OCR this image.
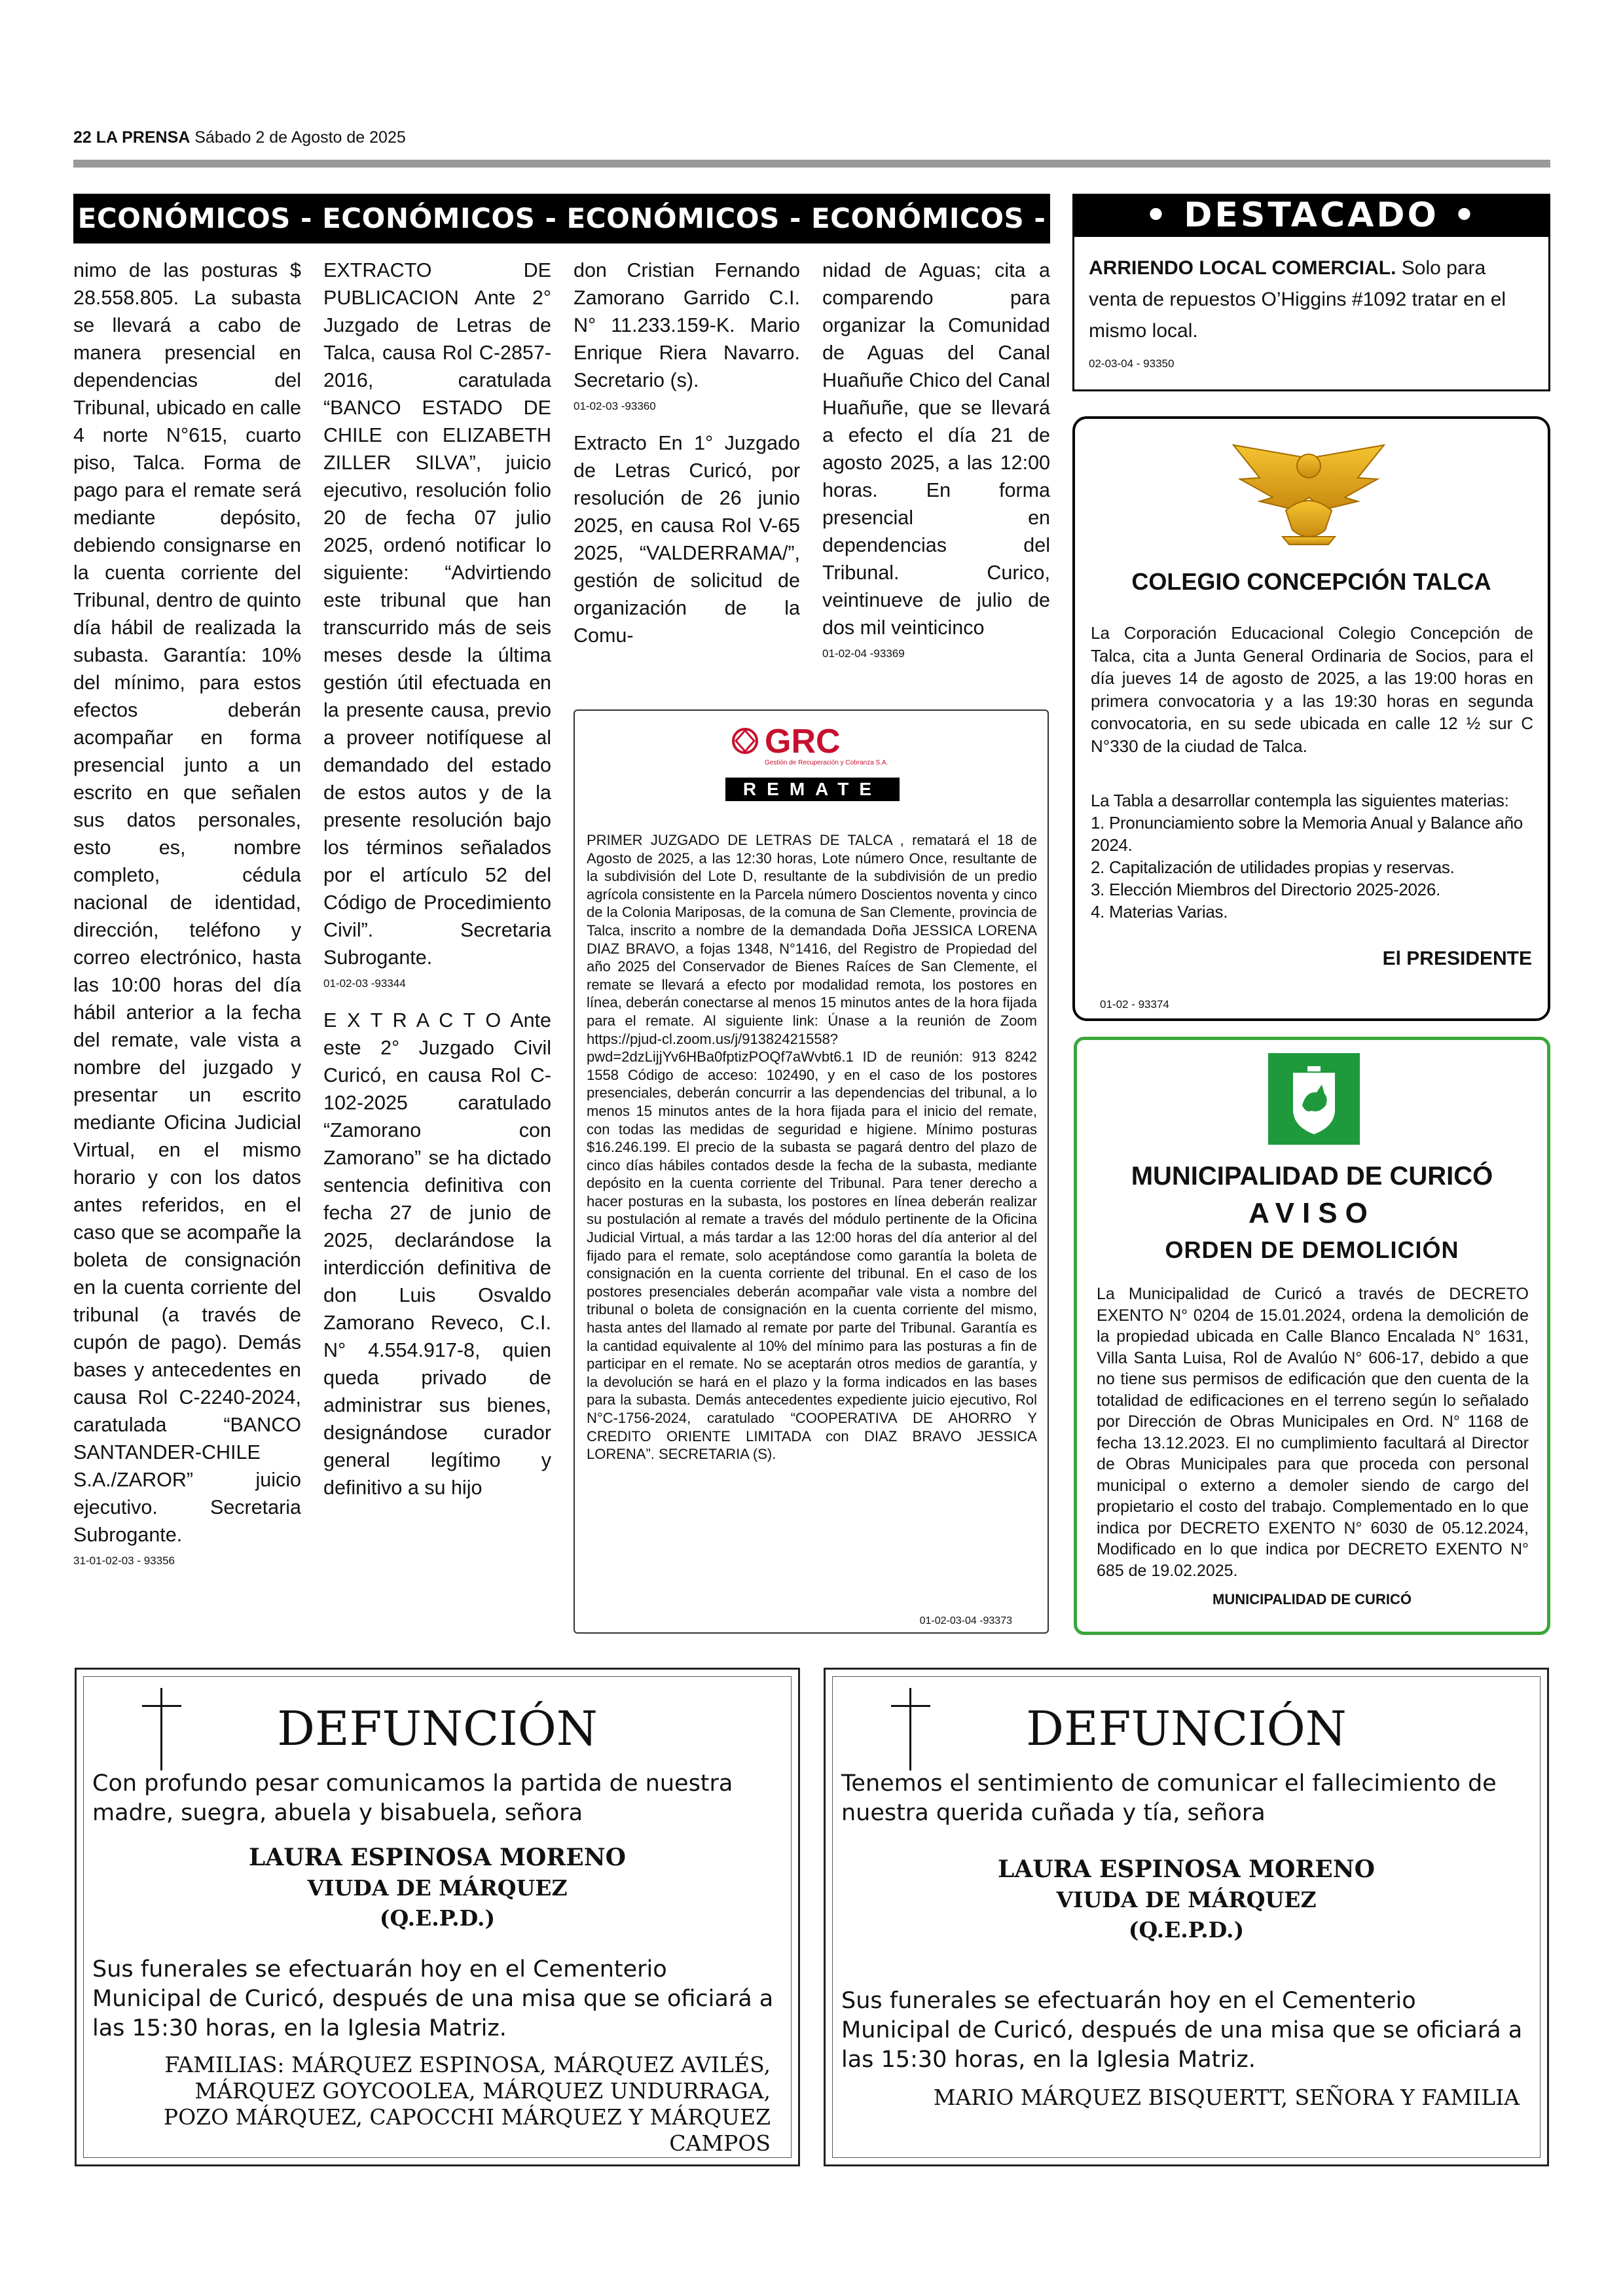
22 LA PRENSA Sábado 2 de Agosto de 2025
ECONÓMICOS - ECONÓMICOS - ECONÓMICOS - ECONÓMICOS -	• DESTACADO •

nimo de las posturas $ 28.558.805. La subasta se llevará a cabo de manera presencial en dependencias del Tribunal, ubicado en calle 4 norte N°615, cuarto piso, Talca. Forma de pago para el remate será mediante depósito, debiendo consignarse en la cuenta corriente del Tribunal, dentro de quinto día hábil de realizada la subasta. Garantía: 10% del mínimo, para estos efectos deberán acompañar en forma presencial junto a un escrito en que señalen sus datos personales, esto es, nombre completo, cédula nacional de identidad, dirección, teléfono y correo electrónico, hasta las 10:00 horas del día hábil anterior a la fecha del remate, vale vista a nombre del juzgado y presentar un escrito mediante Oficina Judicial Virtual, en el mismo horario y con los datos antes referidos, en el caso que se acompañe la boleta de consignación en la cuenta corriente del tribunal (a través de cupón de pago). Demás bases y antecedentes en causa Rol C-2240-2024, caratulada “BANCO SANTANDER-CHILE S.A./ZAROR” juicio ejecutivo. Secretaria Subrogante.

31-01-02-03 - 93356

EXTRACTO DE PUBLICACION Ante 2° Juzgado de Letras de Talca, causa Rol C-2857-2016, caratulada “BANCO ESTADO DE CHILE con ELIZABETH ZILLER SILVA”, juicio ejecutivo, resolución folio 20 de fecha 07 julio 2025, ordenó notificar lo siguiente: “Advirtiendo este tribunal que han transcurrido más de seis meses desde la última gestión útil efectuada en la presente causa, previo a proveer notifíquese al demandado del estado de estos autos y de la presente resolución bajo los términos señalados por el artículo 52 del Código de Procedimiento Civil”. Secretaria Subrogante.

01-02-03 -93344

E X T R A C T O Ante este 2° Juzgado Civil Curicó, en causa Rol C-102-2025 caratulado “Zamorano con Zamorano” se ha dictado sentencia definitiva con fecha 27 de junio de 2025, declarándose la interdicción definitiva de don Luis Osvaldo Zamorano Reveco, C.I. N° 4.554.917-8, quien queda privado de administrar sus bienes, designándose curador general legítimo y definitivo a su hijo

don Cristian Fernando Zamorano Garrido C.I. N° 11.233.159-K. Mario Enrique Riera Navarro. Secretario (s).

01-02-03 -93360

Extracto En 1° Juzgado de Letras Curicó, por resolución de 26 junio 2025, en causa Rol V-65 2025, “VALDERRAMA/”, gestión de solicitud de organización de la Comu-

nidad de Aguas; cita a comparendo para organizar la Comunidad de Aguas del Canal Huañuñe Chico del Canal Huañuñe, que se llevará a efecto el día 21 de agosto 2025, a las 12:00 horas. En forma presencial en dependencias del Tribunal. Curico, veintinueve de julio de dos mil veinticinco

01-02-04 -93369
GRC
Gestión de Recuperación y Cobranza S.A.
REMATE
PRIMER JUZGADO DE LETRAS DE TALCA , rematará el 18 de Agosto de 2025, a las 12:30 horas, Lote número Once, resultante de la subdivisión del Lote D, resultante de la subdivisión de un predio agrícola consistente en la Parcela número Doscientos noventa y cinco de la Colonia Mariposas, de la comuna de San Clemente, provincia de Talca, inscrito a nombre de la demandada Doña JESSICA LORENA DIAZ BRAVO, a fojas 1348, N°1416, del Registro de Propiedad del año 2025 del Conservador de Bienes Raíces de San Clemente, el remate se llevará a efecto por modalidad remota, los postores en línea, deberán conectarse al menos 15 minutos antes de la hora fijada para el remate. Al siguiente link: Únase a la reunión de Zoom https://pjud-cl.zoom.us/j/91382421558?pwd=2dzLijjYv6HBa0fptizPOQf7aWvbt6.1 ID de reunión: 913 8242 1558 Código de acceso: 102490, y en el caso de los postores presenciales, deberán concurrir a las dependencias del tribunal, a lo menos 15 minutos antes de la hora fijada para el inicio del remate, con todas las medidas de seguridad e higiene. Mínimo posturas $16.246.199. El precio de la subasta se pagará dentro del plazo de cinco días hábiles contados desde la fecha de la subasta, mediante depósito en la cuenta corriente del Tribunal. Para tener derecho a hacer posturas en la subasta, los postores en línea deberán realizar su postulación al remate a través del módulo pertinente de la Oficina Judicial Virtual, a más tardar a las 12:00 horas del día anterior al del fijado para el remate, solo aceptándose como garantía la boleta de consignación en la cuenta corriente del tribunal. En el caso de los postores presenciales deberán acompañar vale vista a nombre del tribunal o boleta de consignación en la cuenta corriente del mismo, hasta antes del llamado al remate por parte del Tribunal. Garantía es la cantidad equivalente al 10% del mínimo para las posturas a fin de participar en el remate. No se aceptarán otros medios de garantía, y la devolución se hará en el plazo y la forma indicados en las bases para la subasta. Demás antecedentes expediente juicio ejecutivo, Rol N°C-1756-2024, caratulado “COOPERATIVA DE AHORRO Y CREDITO ORIENTE LIMITADA con DIAZ BRAVO JESSICA LORENA”. SECRETARIA (S).
01-02-03-04 -93373
ARRIENDO LOCAL COMERCIAL. Solo para venta de repuestos O’Higgins #1092 tratar en el mismo local.
02-03-04 - 93350
COLEGIO CONCEPCIÓN TALCA
La Corporación Educacional Colegio Concepción de Talca, cita a Junta General Ordinaria de Socios, para el día jueves 14 de agosto de 2025, a las 19:00 horas en primera convocatoria y a las 19:30 horas en segunda convocatoria, en su sede ubicada en calle 12 ½ sur C N°330 de la ciudad de Talca.
La Tabla a desarrollar contempla las siguientes materias:
1. Pronunciamiento sobre la Memoria Anual y Balance año 2024.
2. Capitalización de utilidades propias y reservas.
3. Elección Miembros del Directorio 2025-2026.
4. Materias Varias.
El PRESIDENTE
01-02 - 93374
MUNICIPALIDAD DE CURICÓ
AVISO
ORDEN DE DEMOLICIÓN
La Municipalidad de Curicó a través de DECRETO EXENTO N° 0204 de 15.01.2024, ordena la demolición de la propiedad ubicada en Calle Blanco Encalada N° 1631, Villa Santa Luisa, Rol de Avalúo N° 606-17, debido a que no tiene sus permisos de edificación que den cuenta de la totalidad de edificaciones en el terreno según lo señalado por Dirección de Obras Municipales en Ord. N° 1168 de fecha 13.12.2023. El no cumplimiento facultará al Director de Obras Municipales para que proceda con personal municipal o externo a demoler siendo de cargo del propietario el costo del trabajo. Complementado en lo que indica por DECRETO EXENTO N° 6030 de 05.12.2024, Modificado en lo que indica por DECRETO EXENTO N° 685 de 19.02.2025.
MUNICIPALIDAD DE CURICÓ
DEFUNCIÓN
Con profundo pesar comunicamos la partida de nuestra madre, suegra, abuela y bisabuela, señora
LAURA ESPINOSA MORENO
VIUDA DE MÁRQUEZ
(Q.E.P.D.)
Sus funerales se efectuarán hoy en el Cementerio Municipal de Curicó, después de una misa que se oficiará a las 15:30 horas, en la Iglesia Matriz.
FAMILIAS: MÁRQUEZ ESPINOSA, MÁRQUEZ AVILÉS, MÁRQUEZ GOYCOOLEA, MÁRQUEZ UNDURRAGA, POZO MÁRQUEZ, CAPOCCHI MÁRQUEZ Y MÁRQUEZ CAMPOS
DEFUNCIÓN
Tenemos el sentimiento de comunicar el fallecimiento de nuestra querida cuñada y tía, señora
LAURA ESPINOSA MORENO
VIUDA DE MÁRQUEZ
(Q.E.P.D.)
Sus funerales se efectuarán hoy en el Cementerio Municipal de Curicó, después de una misa que se oficiará a las 15:30 horas, en la Iglesia Matriz.
MARIO MÁRQUEZ BISQUERTT, SEÑORA Y FAMILIA
